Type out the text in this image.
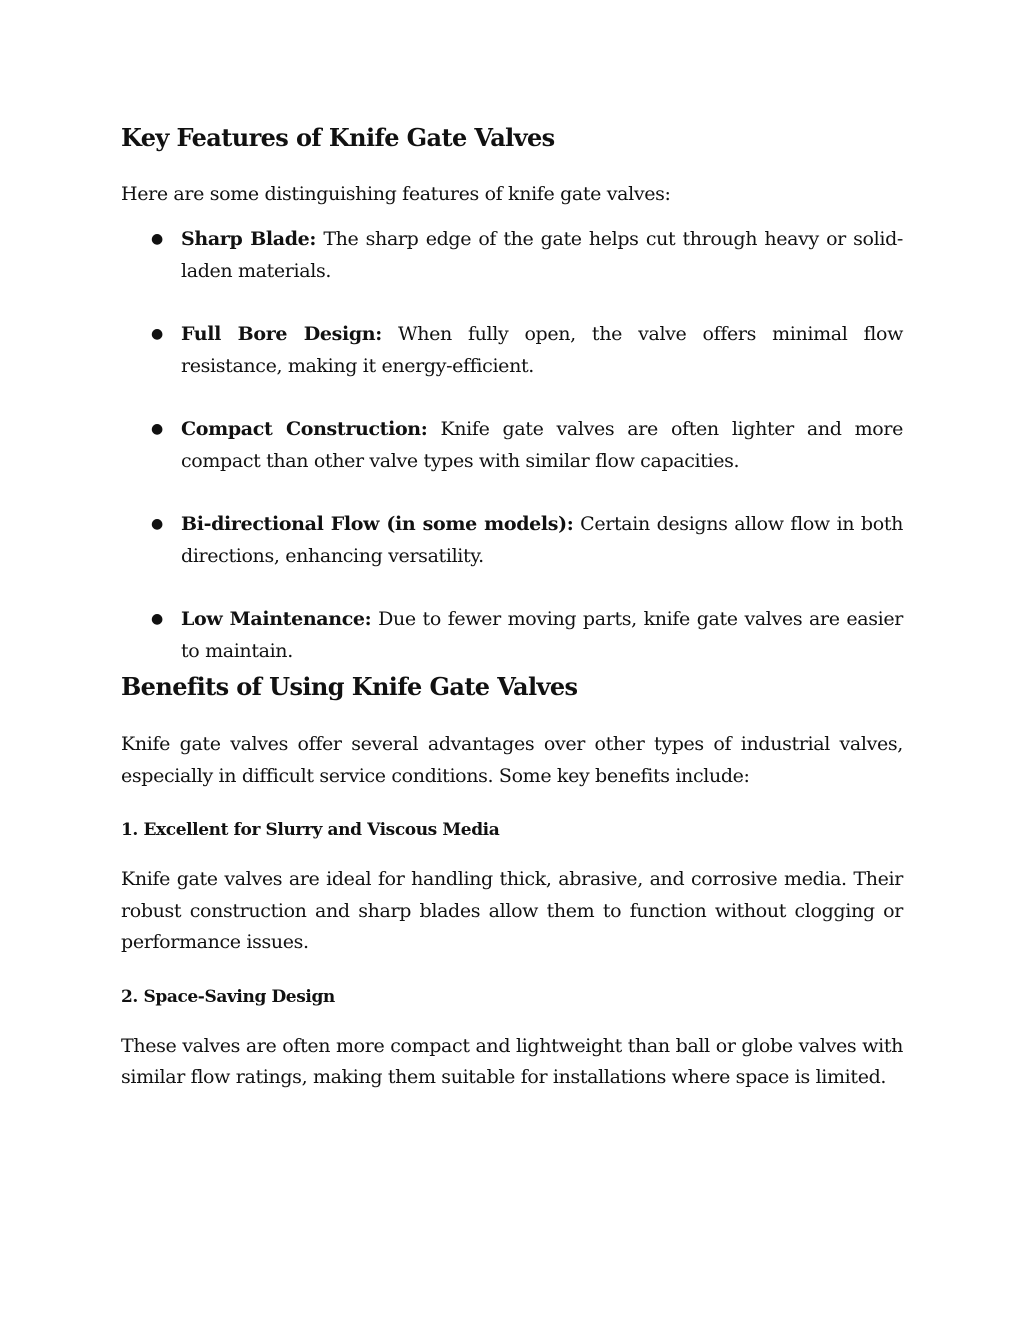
Key Features of Knife Gate Valves

Here are some distinguishing features of knife gate valves:

● Sharp Blade: The sharp edge of the gate helps cut through heavy or solid-laden materials.
● Full Bore Design: When fully open, the valve offers minimal flow resistance, making it energy-efficient.
● Compact Construction: Knife gate valves are often lighter and more compact than other valve types with similar flow capacities.
● Bi-directional Flow (in some models): Certain designs allow flow in both directions, enhancing versatility.
● Low Maintenance: Due to fewer moving parts, knife gate valves are easier to maintain.
Benefits of Using Knife Gate Valves

Knife gate valves offer several advantages over other types of industrial valves, especially in difficult service conditions. Some key benefits include:

1. Excellent for Slurry and Viscous Media

Knife gate valves are ideal for handling thick, abrasive, and corrosive media. Their robust construction and sharp blades allow them to function without clogging or performance issues.

2. Space-Saving Design

These valves are often more compact and lightweight than ball or globe valves with similar flow ratings, making them suitable for installations where space is limited.
